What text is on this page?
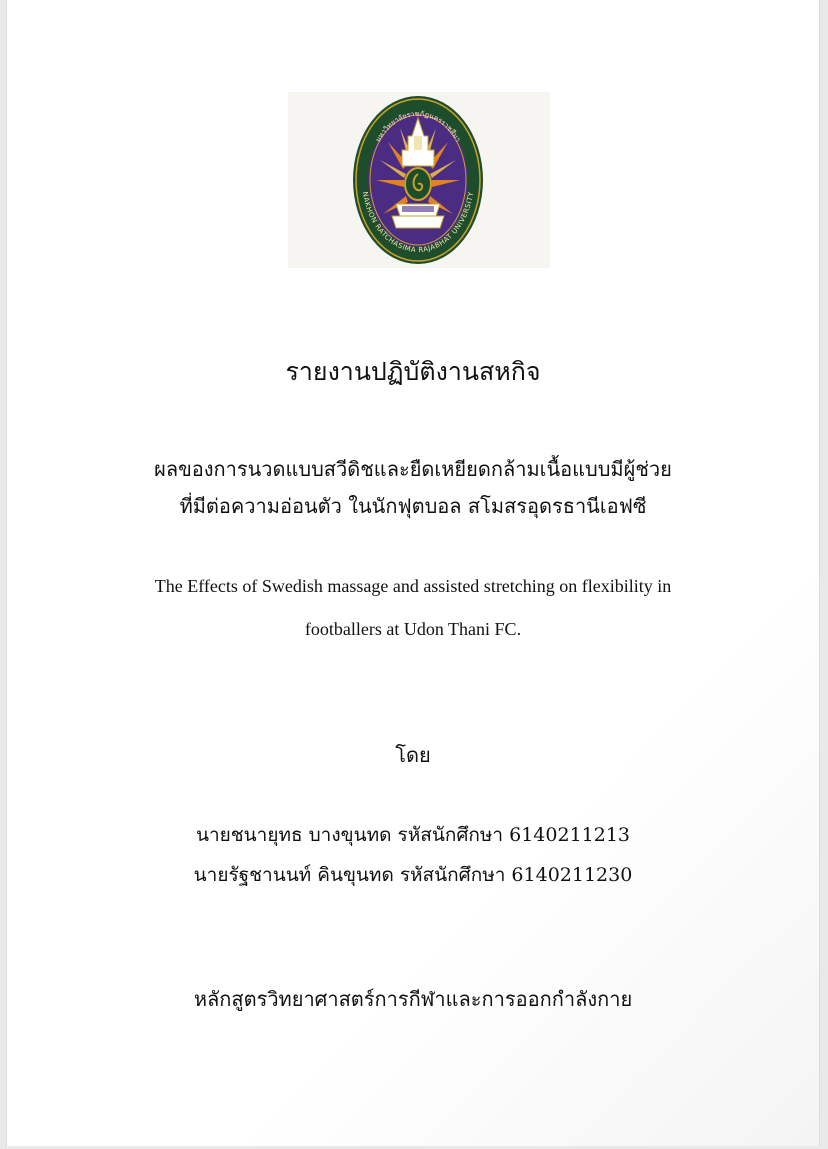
NAKHON RATCHASIMA RAJABHAT UNIVERSITY
มหาวิทยาลัยราชภัฏนครราชสีมา
รายงานปฏิบัติงานสหกิจ
ผลของการนวดแบบสวีดิชและยืดเหยียดกล้ามเนื้อแบบมีผู้ช่วย
ที่มีต่อความอ่อนตัว ในนักฟุตบอล สโมสรอุดรธานีเอฟซี
The Effects of Swedish massage and assisted stretching on flexibility in
footballers at Udon Thani FC.
โดย
นายชนายุทธ บางขุนทด รหัสนักศึกษา 6140211213
นายรัฐชานนท์ คินขุนทด รหัสนักศึกษา 6140211230
หลักสูตรวิทยาศาสตร์การกีฬาและการออกกำลังกาย
